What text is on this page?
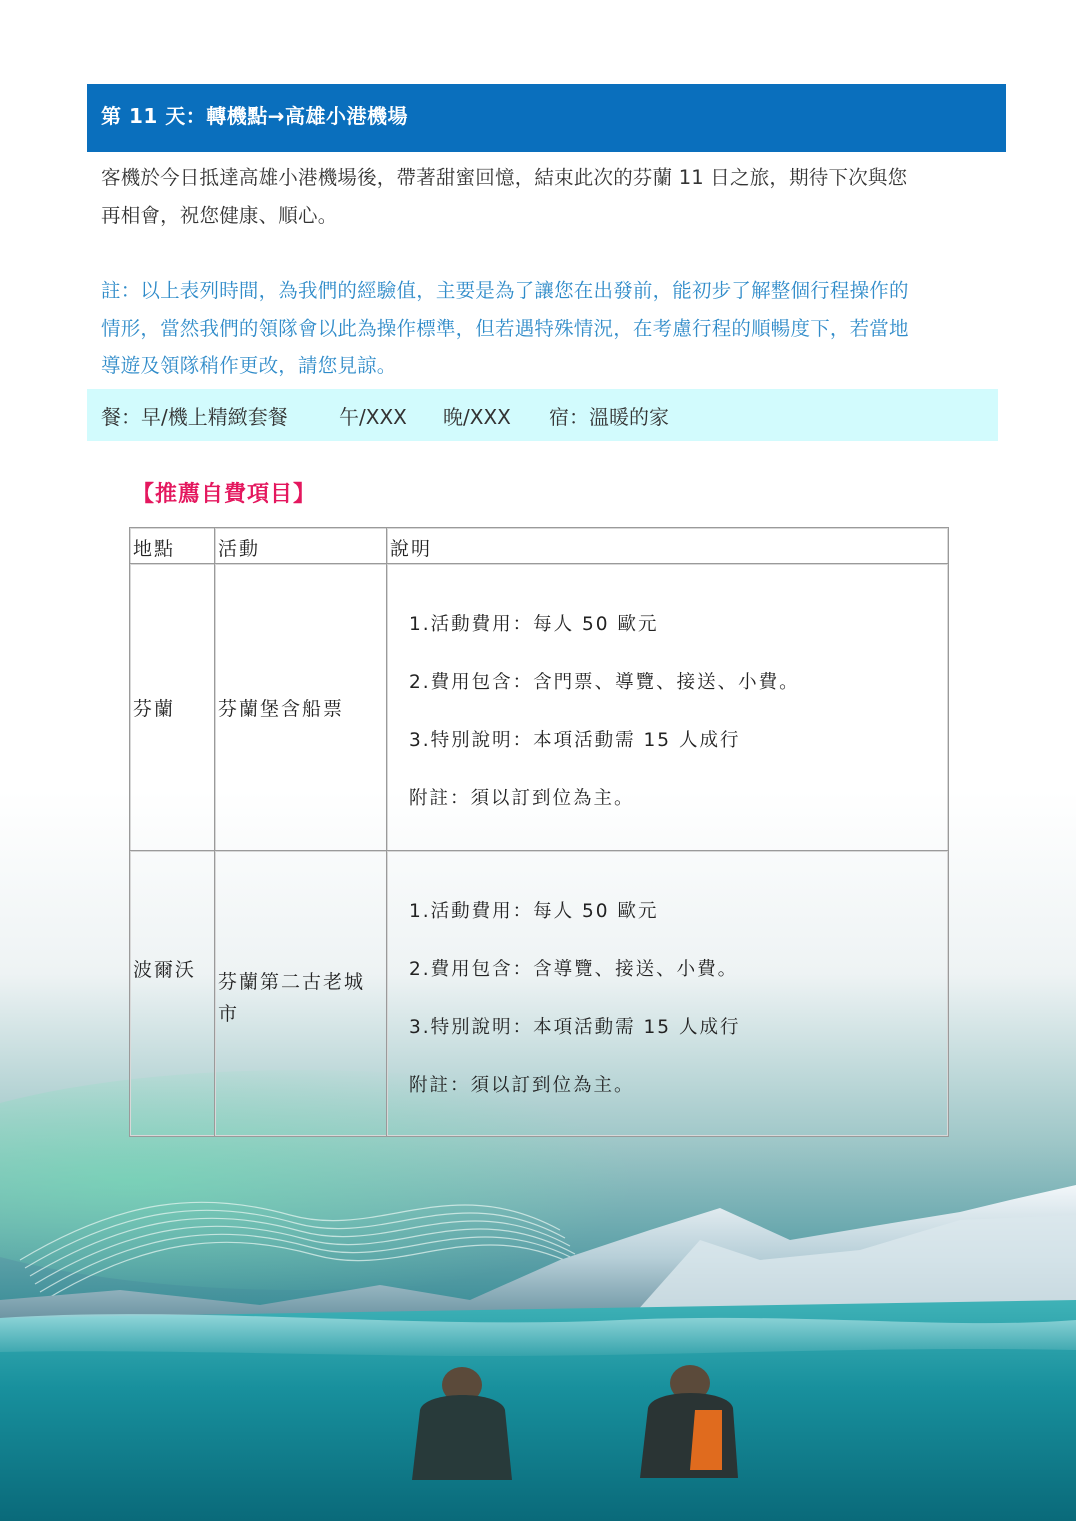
第 11 天：轉機點→高雄小港機場
客機於今日抵達高雄小港機場後，帶著甜蜜回憶，結束此次的芬蘭 11 日之旅，期待下次與您
再相會，祝您健康、順心。
註：以上表列時間，為我們的經驗值，主要是為了讓您在出發前，能初步了解整個行程操作的
情形，當然我們的領隊會以此為操作標準，但若遇特殊情況，在考慮行程的順暢度下，若當地
導遊及領隊稍作更改，請您見諒。
餐：早/機上精緻套餐	午/XXX 晚/XXX 宿：溫暖的家
【推薦自費項目】
地點 活動	說明
芬蘭 芬蘭堡含船票
1.活動費用：每人 50 歐元
2.費用包含：含門票、導覽、接送、小費。
3.特別說明：本項活動需 15 人成行
附註：須以訂到位為主。
波爾沃
芬蘭第二古老城
市
1.活動費用：每人 50 歐元
2.費用包含：含導覽、接送、小費。
3.特別說明：本項活動需 15 人成行
附註：須以訂到位為主。
